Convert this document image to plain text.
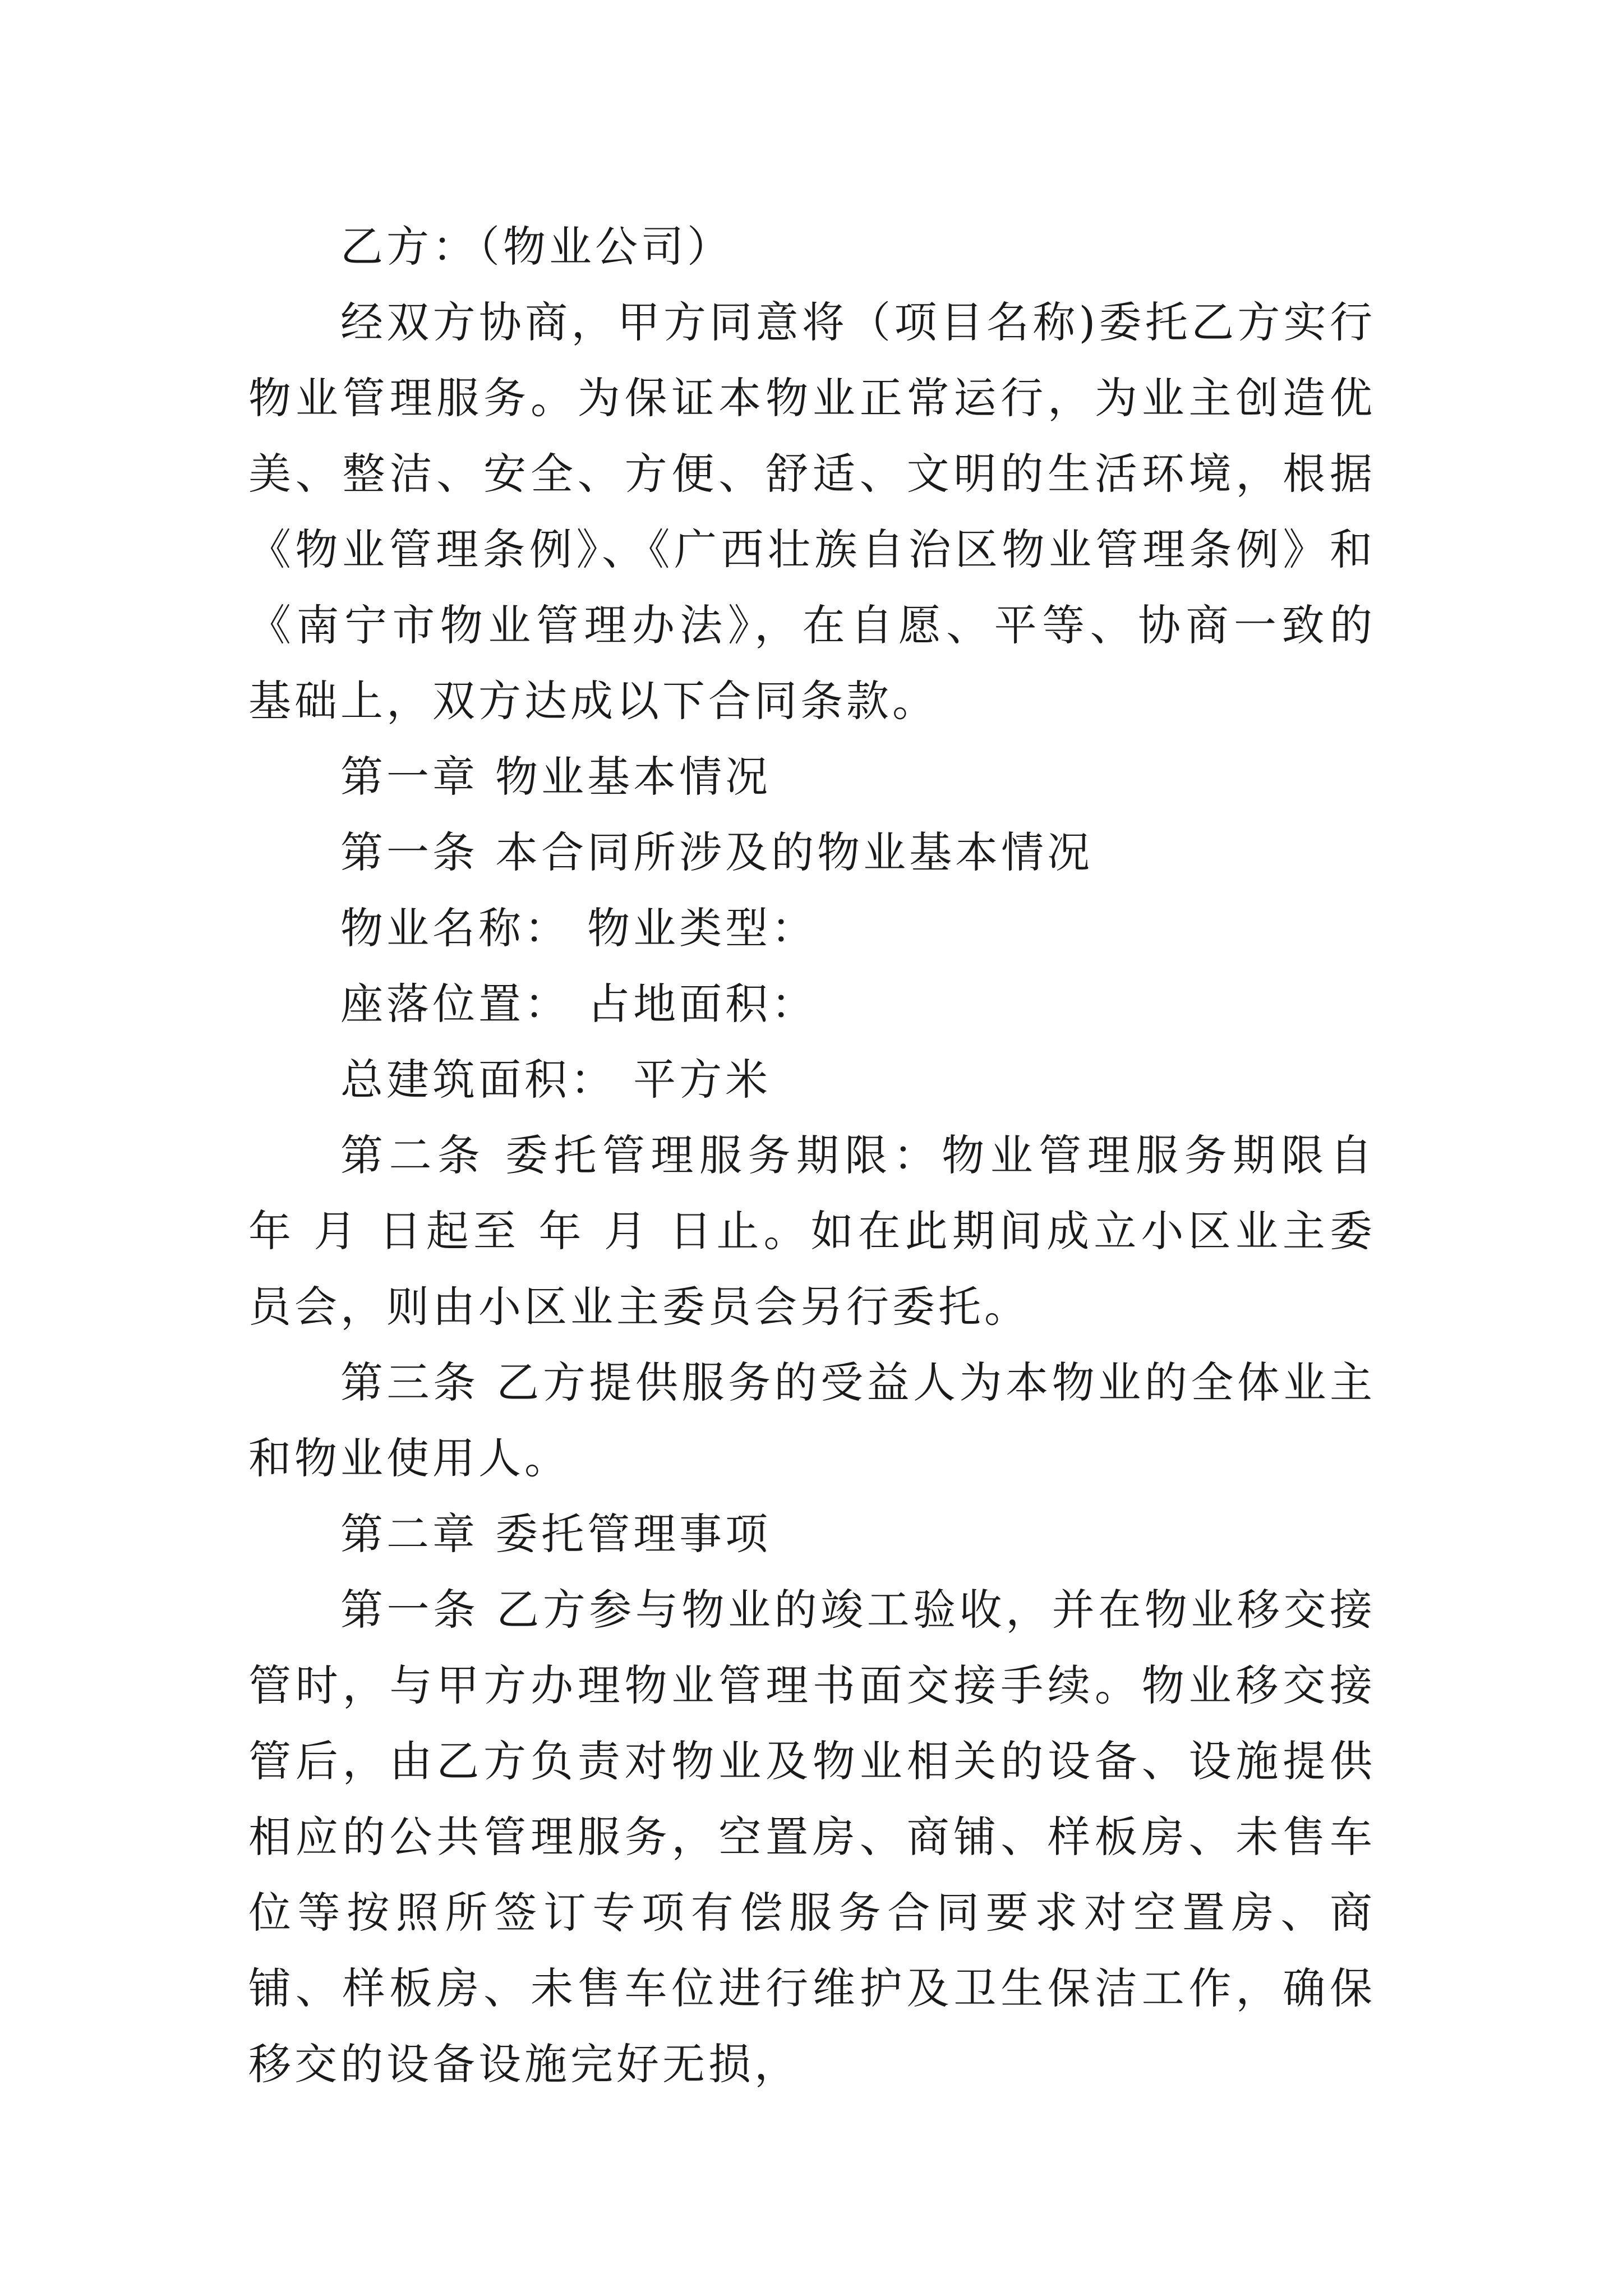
乙方：（物业公司）

经双方协商，甲方同意将（项目名称)委托乙方实行物业管理服务。为保证本物业正常运行，为业主创造优美、整洁、安全、方便、舒适、文明的生活环境，根据《物业管理条例》、《广西壮族自治区物业管理条例》和《南宁市物业管理办法》，在自愿、平等、协商一致的基础上，双方达成以下合同条款。

第一章 物业基本情况

第一条 本合同所涉及的物业基本情况

物业名称： 物业类型：

座落位置： 占地面积：

总建筑面积： 平方米

第二条 委托管理服务期限：物业管理服务期限自 年 月 日起至 年 月 日止。如在此期间成立小区业主委员会，则由小区业主委员会另行委托。

第三条 乙方提供服务的受益人为本物业的全体业主和物业使用人。

第二章 委托管理事项

第一条 乙方参与物业的竣工验收，并在物业移交接管时，与甲方办理物业管理书面交接手续。物业移交接管后，由乙方负责对物业及物业相关的设备、设施提供相应的公共管理服务，空置房、商铺、样板房、未售车位等按照所签订专项有偿服务合同要求对空置房、商铺、样板房、未售车位进行维护及卫生保洁工作，确保移交的设备设施完好无损，
